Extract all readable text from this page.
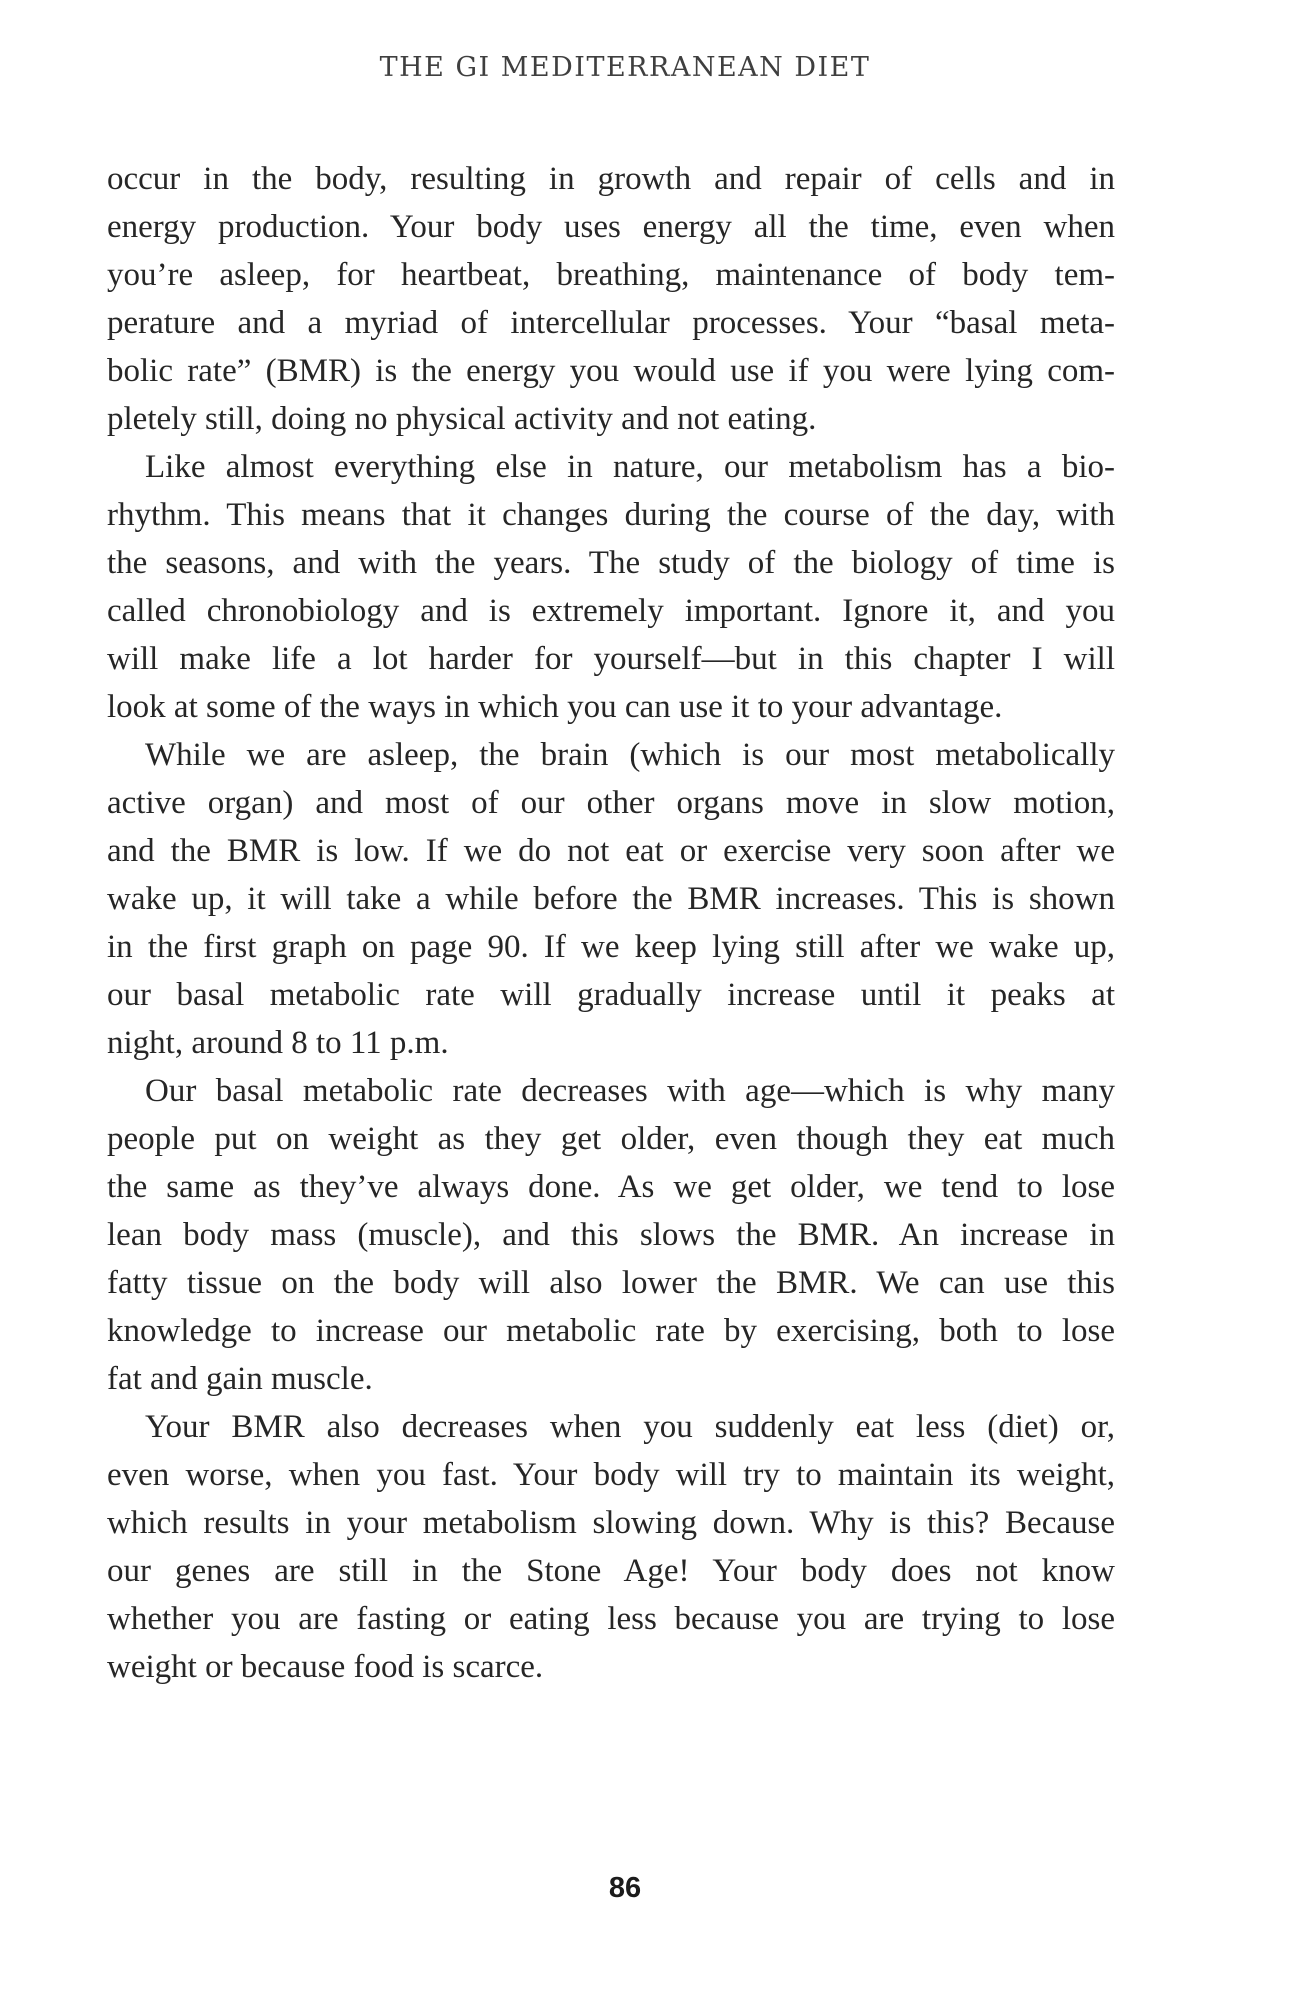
THE GI MEDITERRANEAN DIET
occur in the body, resulting in growth and repair of cells and in
energy production. Your body uses energy all the time, even when
you’re asleep, for heartbeat, breathing, maintenance of body tem-
perature and a myriad of intercellular processes. Your “basal meta-
bolic rate” (BMR) is the energy you would use if you were lying com-
pletely still, doing no physical activity and not eating.
Like almost everything else in nature, our metabolism has a bio-
rhythm. This means that it changes during the course of the day, with
the seasons, and with the years. The study of the biology of time is
called chronobiology and is extremely important. Ignore it, and you
will make life a lot harder for yourself—but in this chapter I will
look at some of the ways in which you can use it to your advantage.
While we are asleep, the brain (which is our most metabolically
active organ) and most of our other organs move in slow motion,
and the BMR is low. If we do not eat or exercise very soon after we
wake up, it will take a while before the BMR increases. This is shown
in the first graph on page 90. If we keep lying still after we wake up,
our basal metabolic rate will gradually increase until it peaks at
night, around 8 to 11 p.m.
Our basal metabolic rate decreases with age—which is why many
people put on weight as they get older, even though they eat much
the same as they’ve always done. As we get older, we tend to lose
lean body mass (muscle), and this slows the BMR. An increase in
fatty tissue on the body will also lower the BMR. We can use this
knowledge to increase our metabolic rate by exercising, both to lose
fat and gain muscle.
Your BMR also decreases when you suddenly eat less (diet) or,
even worse, when you fast. Your body will try to maintain its weight,
which results in your metabolism slowing down. Why is this? Because
our genes are still in the Stone Age! Your body does not know
whether you are fasting or eating less because you are trying to lose
weight or because food is scarce.
86
